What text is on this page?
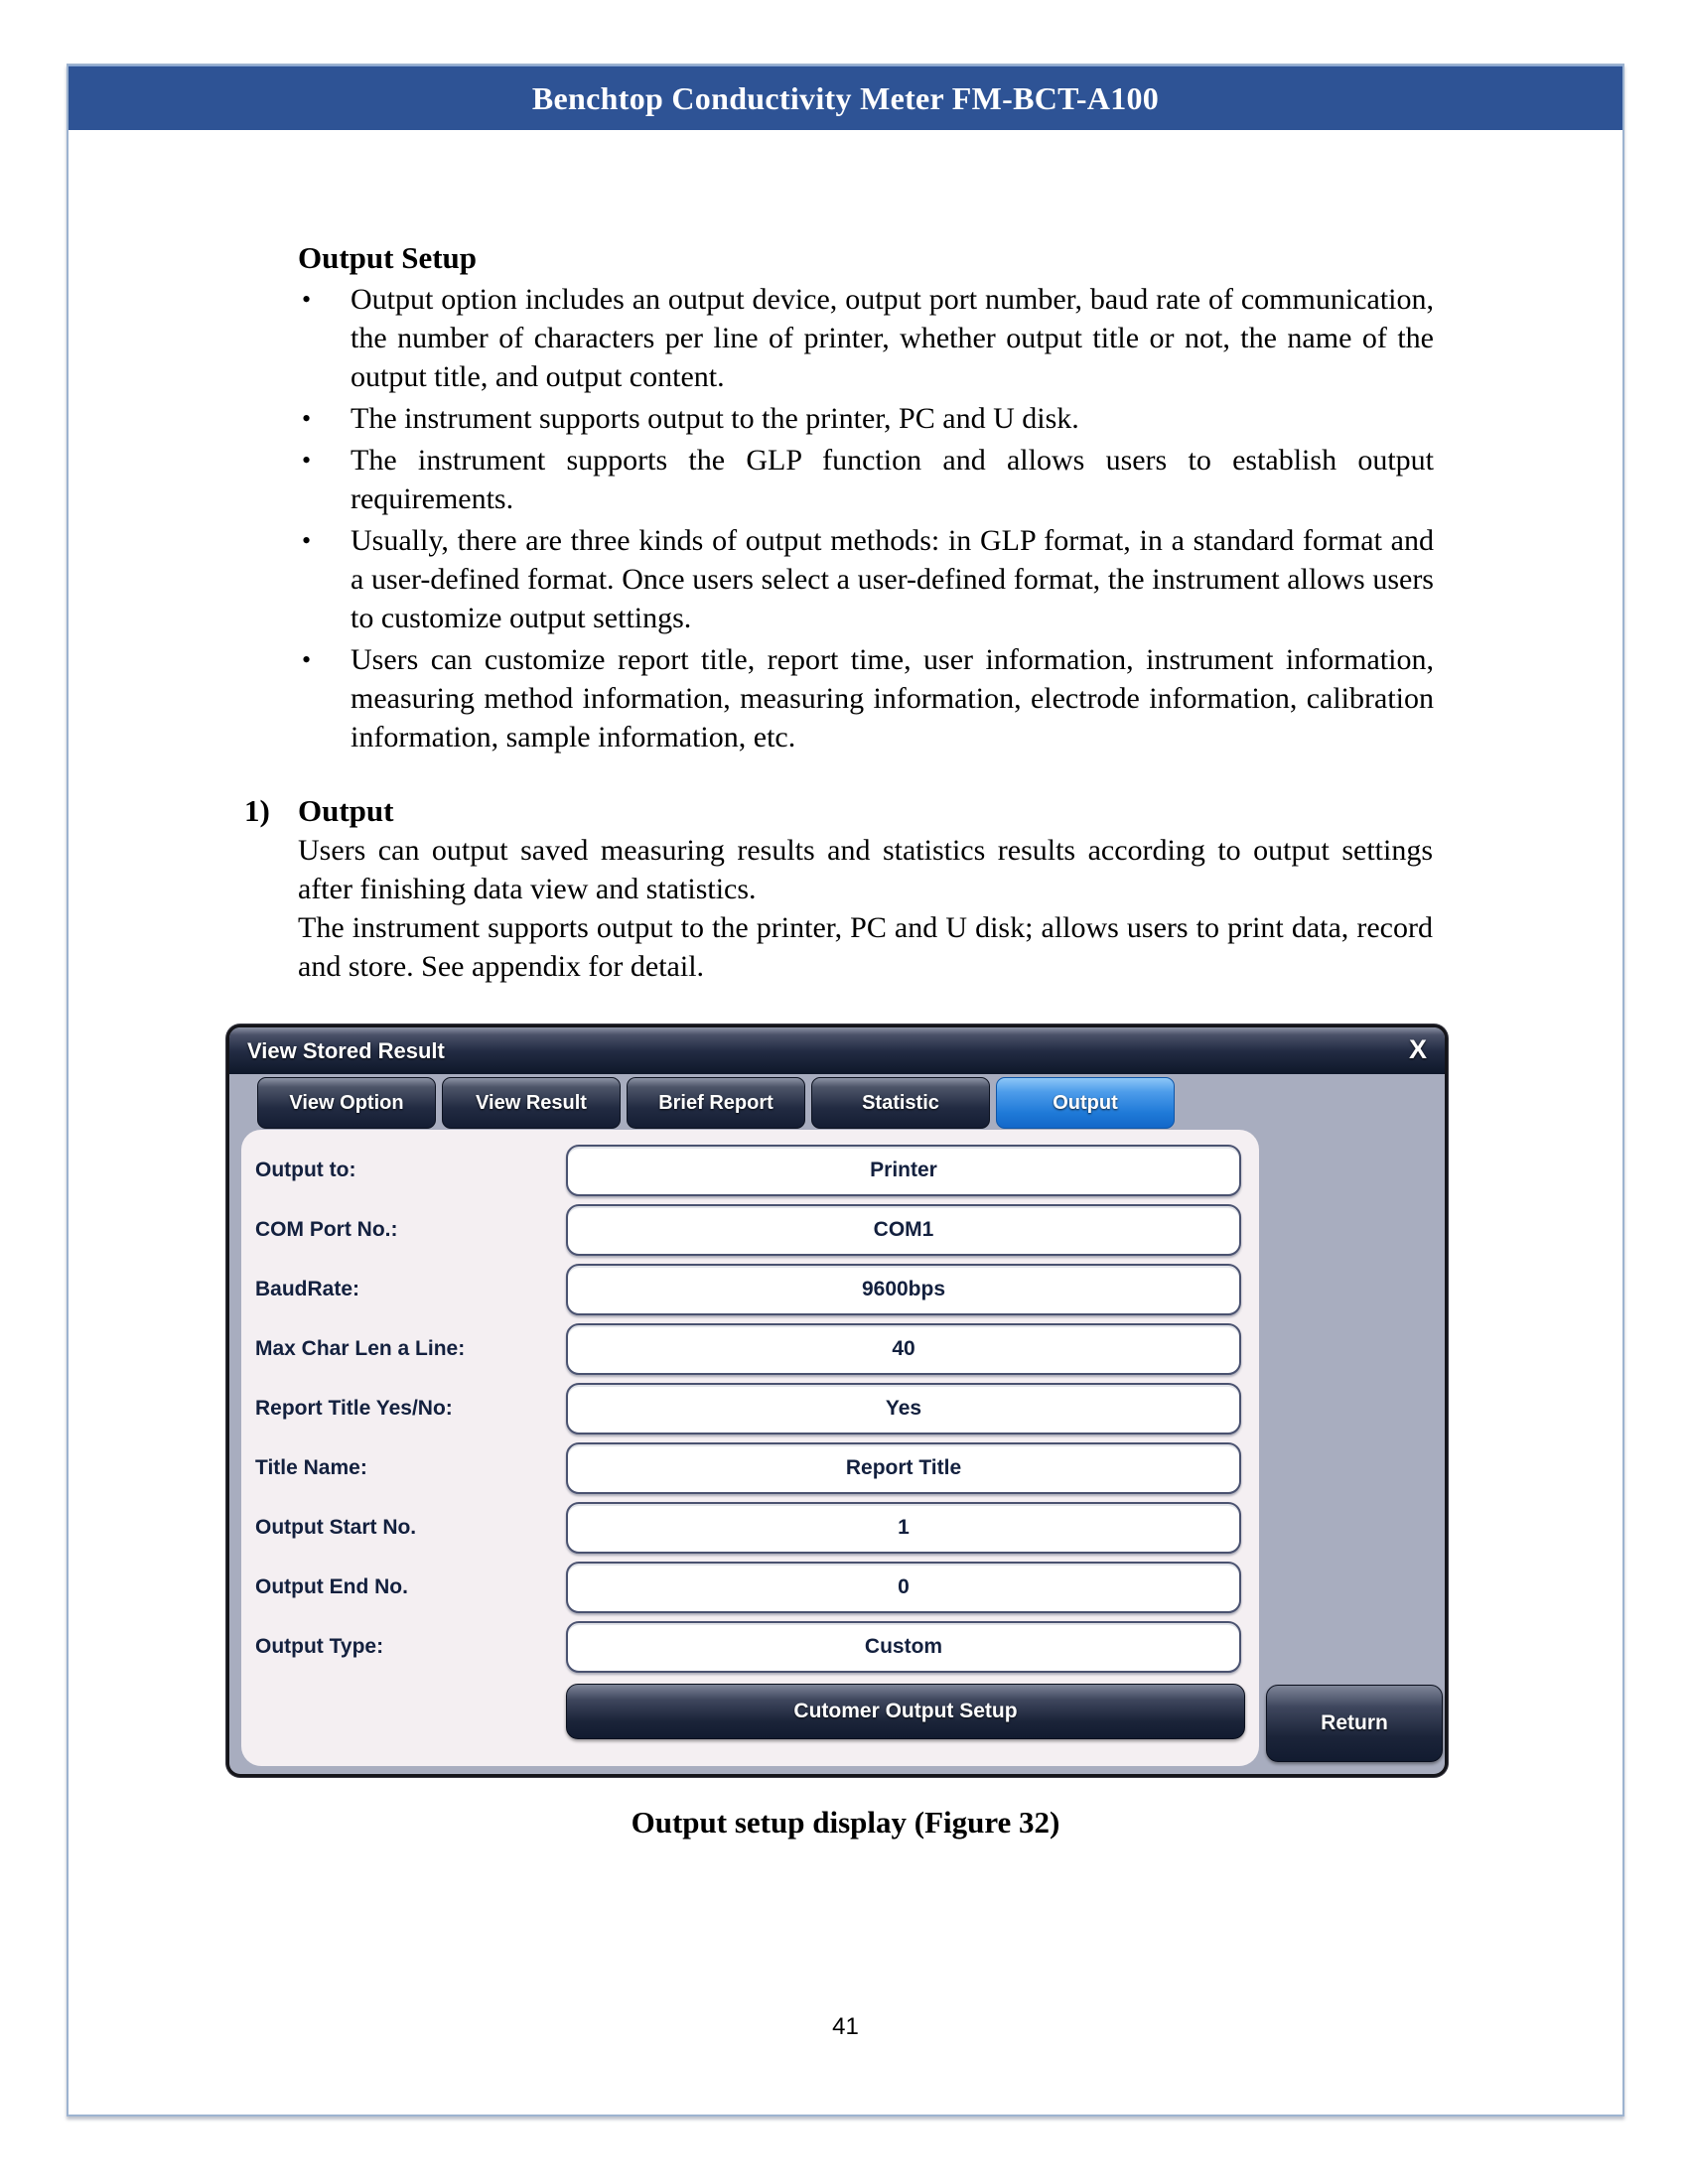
Benchtop Conductivity Meter FM-BCT-A100
Output Setup
•	Output option includes an output device, output port number, baud rate of communication, the number of characters per line of printer, whether output title or not, the name of the output title, and output content.
•	The instrument supports output to the printer, PC and U disk.
•	The instrument supports the GLP function and allows users to establish output requirements.
•	Usually, there are three kinds of output methods: in GLP format, in a standard format and a user-defined format. Once users select a user-defined format, the instrument allows users to customize output settings.
•	Users can customize report title, report time, user information, instrument information, measuring method information, measuring information, electrode information, calibration information, sample information, etc.
1) Output
Users can output saved measuring results and statistics results according to output settings after finishing data view and statistics.
The instrument supports output to the printer, PC and U disk; allows users to print data, record and store. See appendix for detail.
View Stored Result	X
View Option	View Result	Brief Report	Statistic	Output
Output to:	Printer
COM Port No.:	COM1
BaudRate:	9600bps
Max Char Len a Line:	40
Report Title Yes/No:	Yes
Title Name:	Report Title
Output Start No.	1
Output End No.	0
Output Type:	Custom
Cutomer Output Setup
Return
Output setup display (Figure 32)
41
